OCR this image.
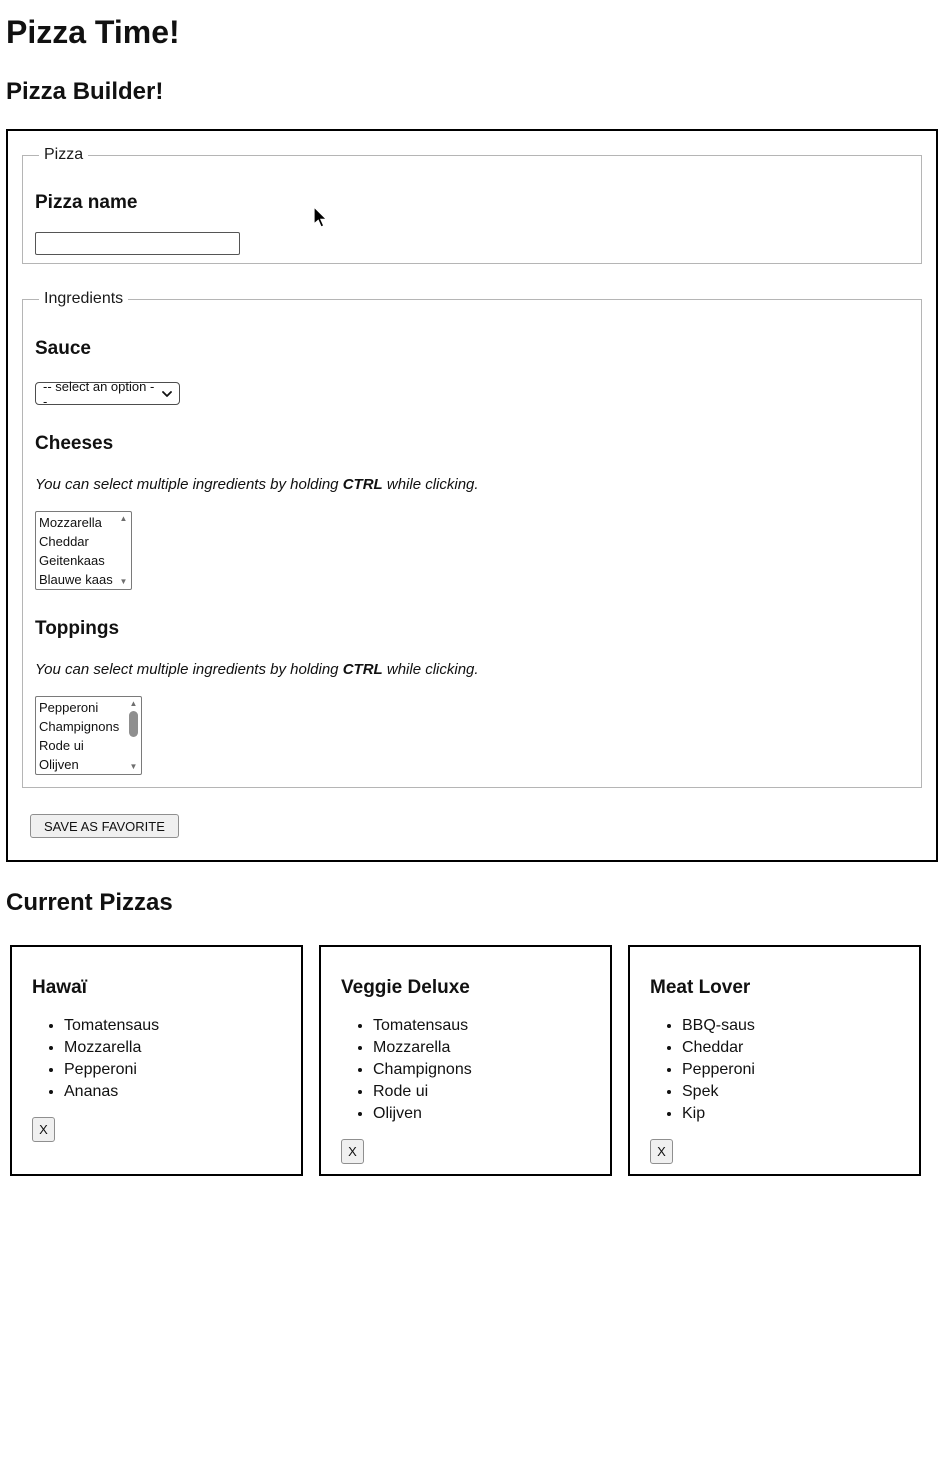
Pizza Time!
Pizza Builder!
Pizza
Pizza name
Ingredients
Sauce
-- select an option --
Cheeses

You can select multiple ingredients by holding CTRL while clicking.

Mozzarella
Cheddar
Geitenkaas
Blauwe kaas
▲
▼
Toppings

You can select multiple ingredients by holding CTRL while clicking.

Pepperoni
Champignons
Rode ui
Olijven
▲
▼
SAVE AS FAVORITE
Current Pizzas
Hawaï
• Tomatensaus
• Mozzarella
• Pepperoni
• Ananas
X
Veggie Deluxe
• Tomatensaus
• Mozzarella
• Champignons
• Rode ui
• Olijven
X
Meat Lover
• BBQ-saus
• Cheddar
• Pepperoni
• Spek
• Kip
X
